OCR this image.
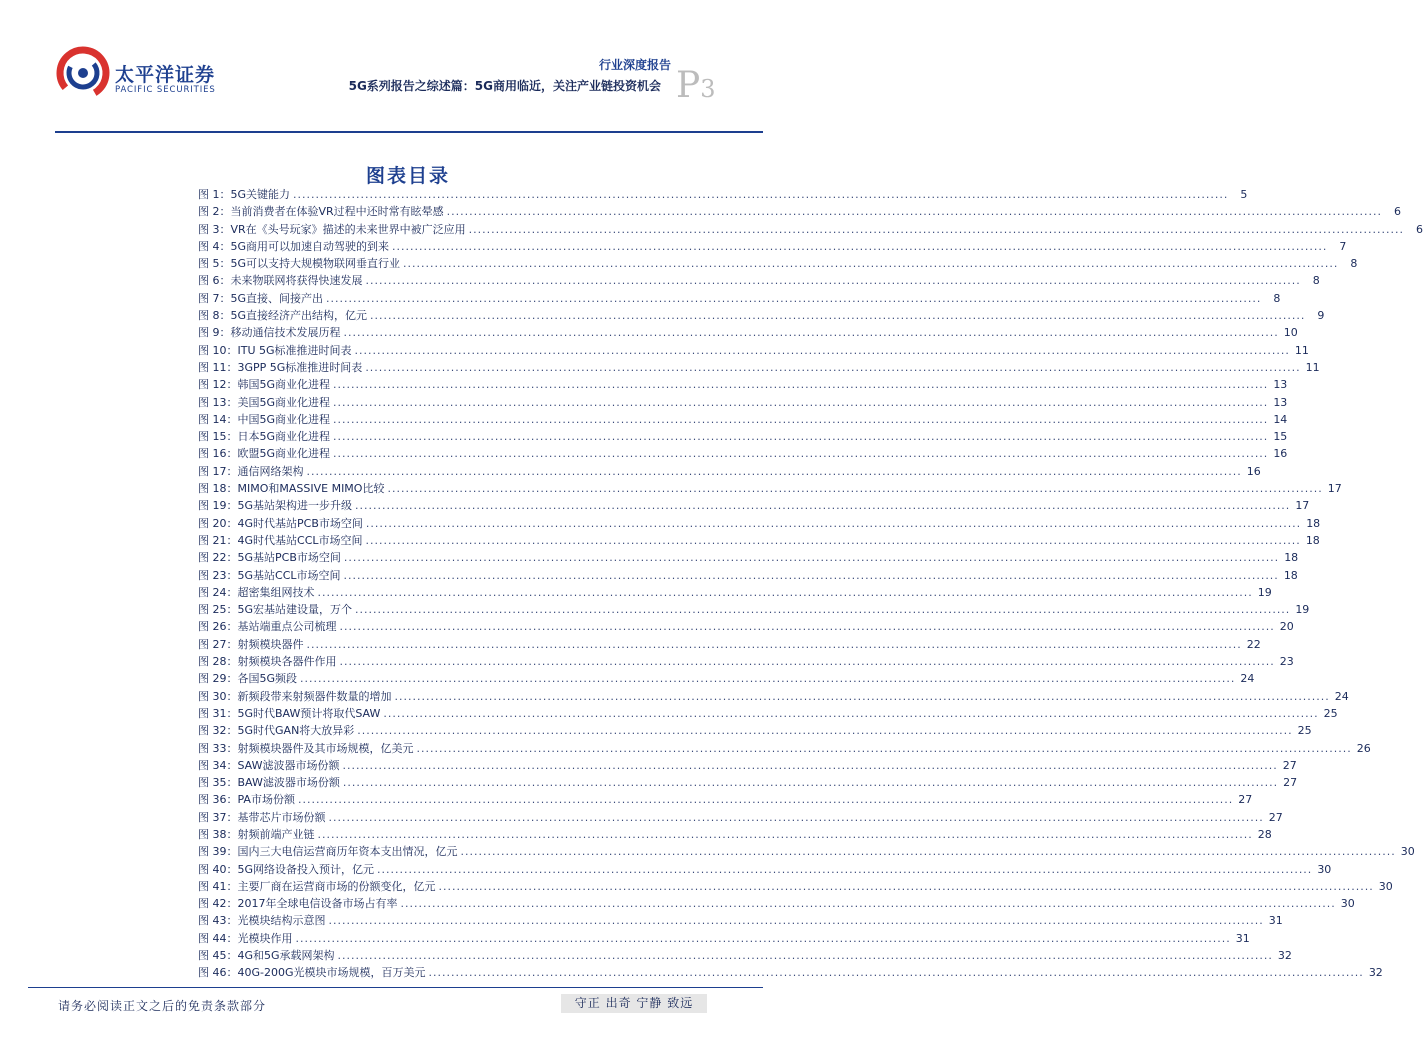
太平洋证券
PACIFIC SECURITIES
行业深度报告
5G系列报告之综述篇：5G商用临近，关注产业链投资机会 P3
图表目录
图 1：5G关键能力 .....	5
图 2：当前消费者在体验VR过程中还时常有眩晕感 .....	6
图 3：VR在《头号玩家》描述的未来世界中被广泛应用 .....	6
图 4：5G商用可以加速自动驾驶的到来 .....	7
图 5：5G可以支持大规模物联网垂直行业 .....	8
图 6：未来物联网将获得快速发展 .....	8
图 7：5G直接、间接产出 .....	8
图 8：5G直接经济产出结构，亿元 .....	9
图 9：移动通信技术发展历程 .....	10
图 10：ITU 5G标准推进时间表 .....	11
图 11：3GPP 5G标准推进时间表 .....	11
图 12：韩国5G商业化进程 .....	13
图 13：美国5G商业化进程 .....	13
图 14：中国5G商业化进程 .....	14
图 15：日本5G商业化进程 .....	15
图 16：欧盟5G商业化进程 .....	16
图 17：通信网络架构 .....	16
图 18：MIMO和MASSIVE MIMO比较 .....	17
图 19：5G基站架构进一步升级 .....	17
图 20：4G时代基站PCB市场空间 .....	18
图 21：4G时代基站CCL市场空间 .....	18
图 22：5G基站PCB市场空间 .....	18
图 23：5G基站CCL市场空间 .....	18
图 24：超密集组网技术 .....	19
图 25：5G宏基站建设量，万个 .....	19
图 26：基站端重点公司梳理 .....	20
图 27：射频模块器件 .....	22
图 28：射频模块各器件作用 .....	23
图 29：各国5G频段 .....	24
图 30：新频段带来射频器件数量的增加 .....	24
图 31：5G时代BAW预计将取代SAW .....	25
图 32：5G时代GAN将大放异彩 .....	25
图 33：射频模块器件及其市场规模，亿美元 .....	26
图 34：SAW滤波器市场份额 .....	27
图 35：BAW滤波器市场份额 .....	27
图 36：PA市场份额 .....	27
图 37：基带芯片市场份额 .....	27
图 38：射频前端产业链 .....	28
图 39：国内三大电信运营商历年资本支出情况，亿元 .....	30
图 40：5G网络设备投入预计，亿元 .....	30
图 41：主要厂商在运营商市场的份额变化，亿元 .....	30
图 42：2017年全球电信设备市场占有率 .....	30
图 43：光模块结构示意图 .....	31
图 44：光模块作用 .....	31
图 45：4G和5G承载网架构 .....	32
图 46：40G-200G光模块市场规模，百万美元 .....	32
请务必阅读正文之后的免责条款部分	守正 出奇 宁静 致远
